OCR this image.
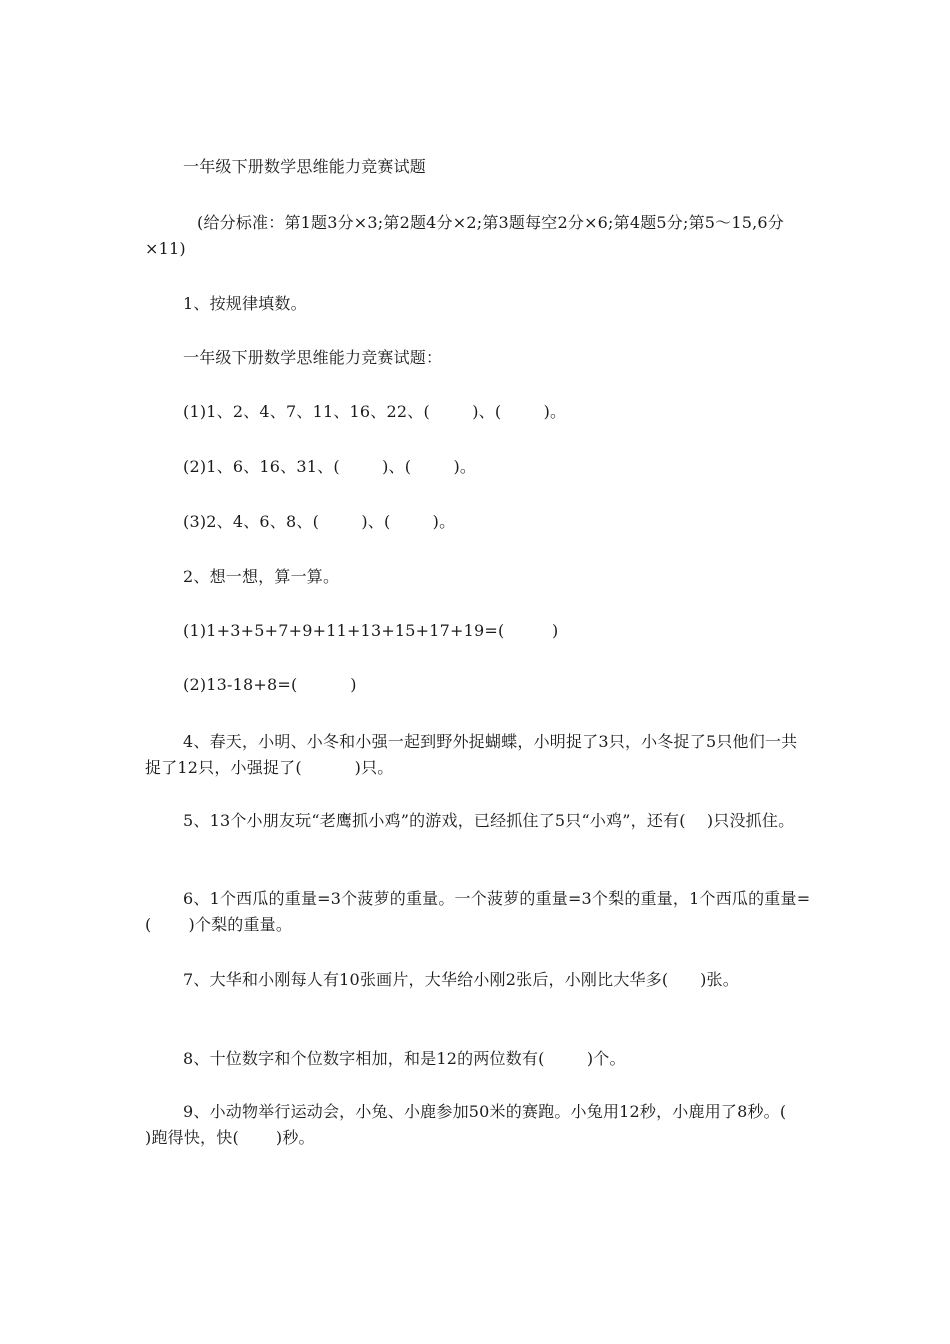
一年级下册数学思维能力竞赛试题
(给分标准：第1题3分×3;第2题4分×2;第3题每空2分×6;第4题5分;第5～15,6分×11)
1、按规律填数。
一年级下册数学思维能力竞赛试题：
(1)1、2、4、7、11、16、22、(        )、(        )。
(2)1、6、16、31、(        )、(        )。
(3)2、4、6、8、(        )、(        )。
2、想一想，算一算。
(1)1+3+5+7+9+11+13+15+17+19=(         )
(2)13-18+8=(          )
4、春天，小明、小冬和小强一起到野外捉蝴蝶，小明捉了3只，小冬捉了5只他们一共捉了12只，小强捉了(          )只。
5、13个小朋友玩“老鹰抓小鸡”的游戏，已经抓住了5只“小鸡”，还有(    )只没抓住。
6、1个西瓜的重量=3个菠萝的重量。一个菠萝的重量=3个梨的重量，1个西瓜的重量=(       )个梨的重量。
7、大华和小刚每人有10张画片，大华给小刚2张后，小刚比大华多(      )张。
8、十位数字和个位数字相加，和是12的两位数有(        )个。
9、小动物举行运动会，小兔、小鹿参加50米的赛跑。小兔用12秒，小鹿用了8秒。(      )跑得快，快(       )秒。
